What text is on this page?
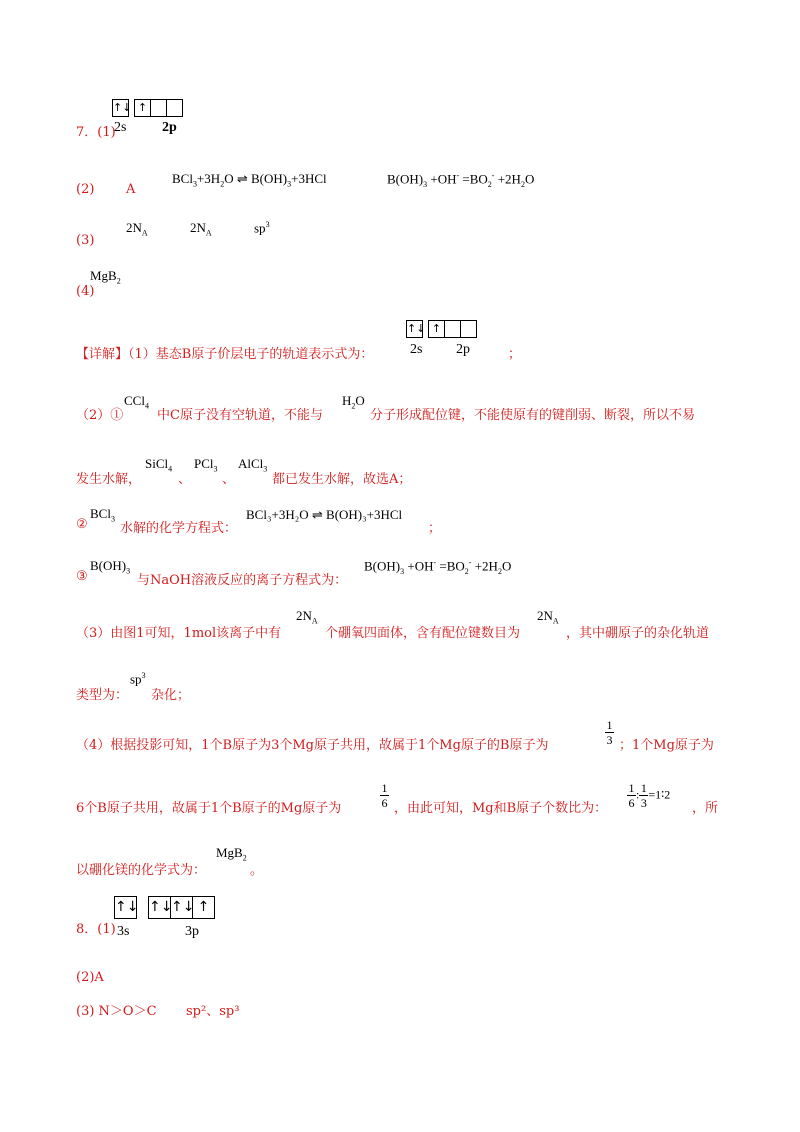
↑↓ ↑
7．(1)
2s	2p
(2) A
$BCl_3+3H_2O$ ⇌ $B(OH)_3+3HCl$	$B(OH)_3 +OH^- =BO_2^- +2H_2O$
(3)
$2N_A$	$2N_A$	$sp^3$
(4)
MgB$_2$
【详解】（1）基态B原子价层电子的轨道表示式为：
↑↓ ↑
2s 2p	；
（2）①
CCl$_4$
中C原子没有空轨道，不能与
$H_2O$
分子形成配位键，不能使原有的键削弱、断裂，所以不易
发生水解，
SiCl$_4$
、
PCl$_3$
、
AlCl$_3$
都已发生水解，故选A；
②
BCl$_3$
水解的化学方程式：
BCl₃+3H₂O ⇌ B(OH)₃+3HCl
；
③
$B(OH)_3$
与NaOH溶液反应的离子方程式为：
$B(OH)_3 +OH^- =BO_2^- +2H_2O$
（3）由图1可知，1mol该离子中有
$2N_A$
个硼氧四面体，含有配位键数目为
$2N_A$
，其中硼原子的杂化轨道
类型为：
$sp^3$
杂化；
（4）根据投影可知，1个B原子为3个Mg原子共用，故属于1个Mg原子的B原子为	$\frac{1}{3}$ ；1个Mg原子为
6个B原子共用，故属于1个B原子的Mg原子为	$\frac{1}{6}$ ，由此可知，Mg和B原子个数比为： $\frac{1}{6}$ : $\frac{1}{3}$ =1∶2
，所
以硼化镁的化学式为：
MgB$_2$
。
↑↓ ↑↓
↑↓ ↑
8．(1) 3s	3p
(2)A
(3) N＞O＞C sp²、sp³
